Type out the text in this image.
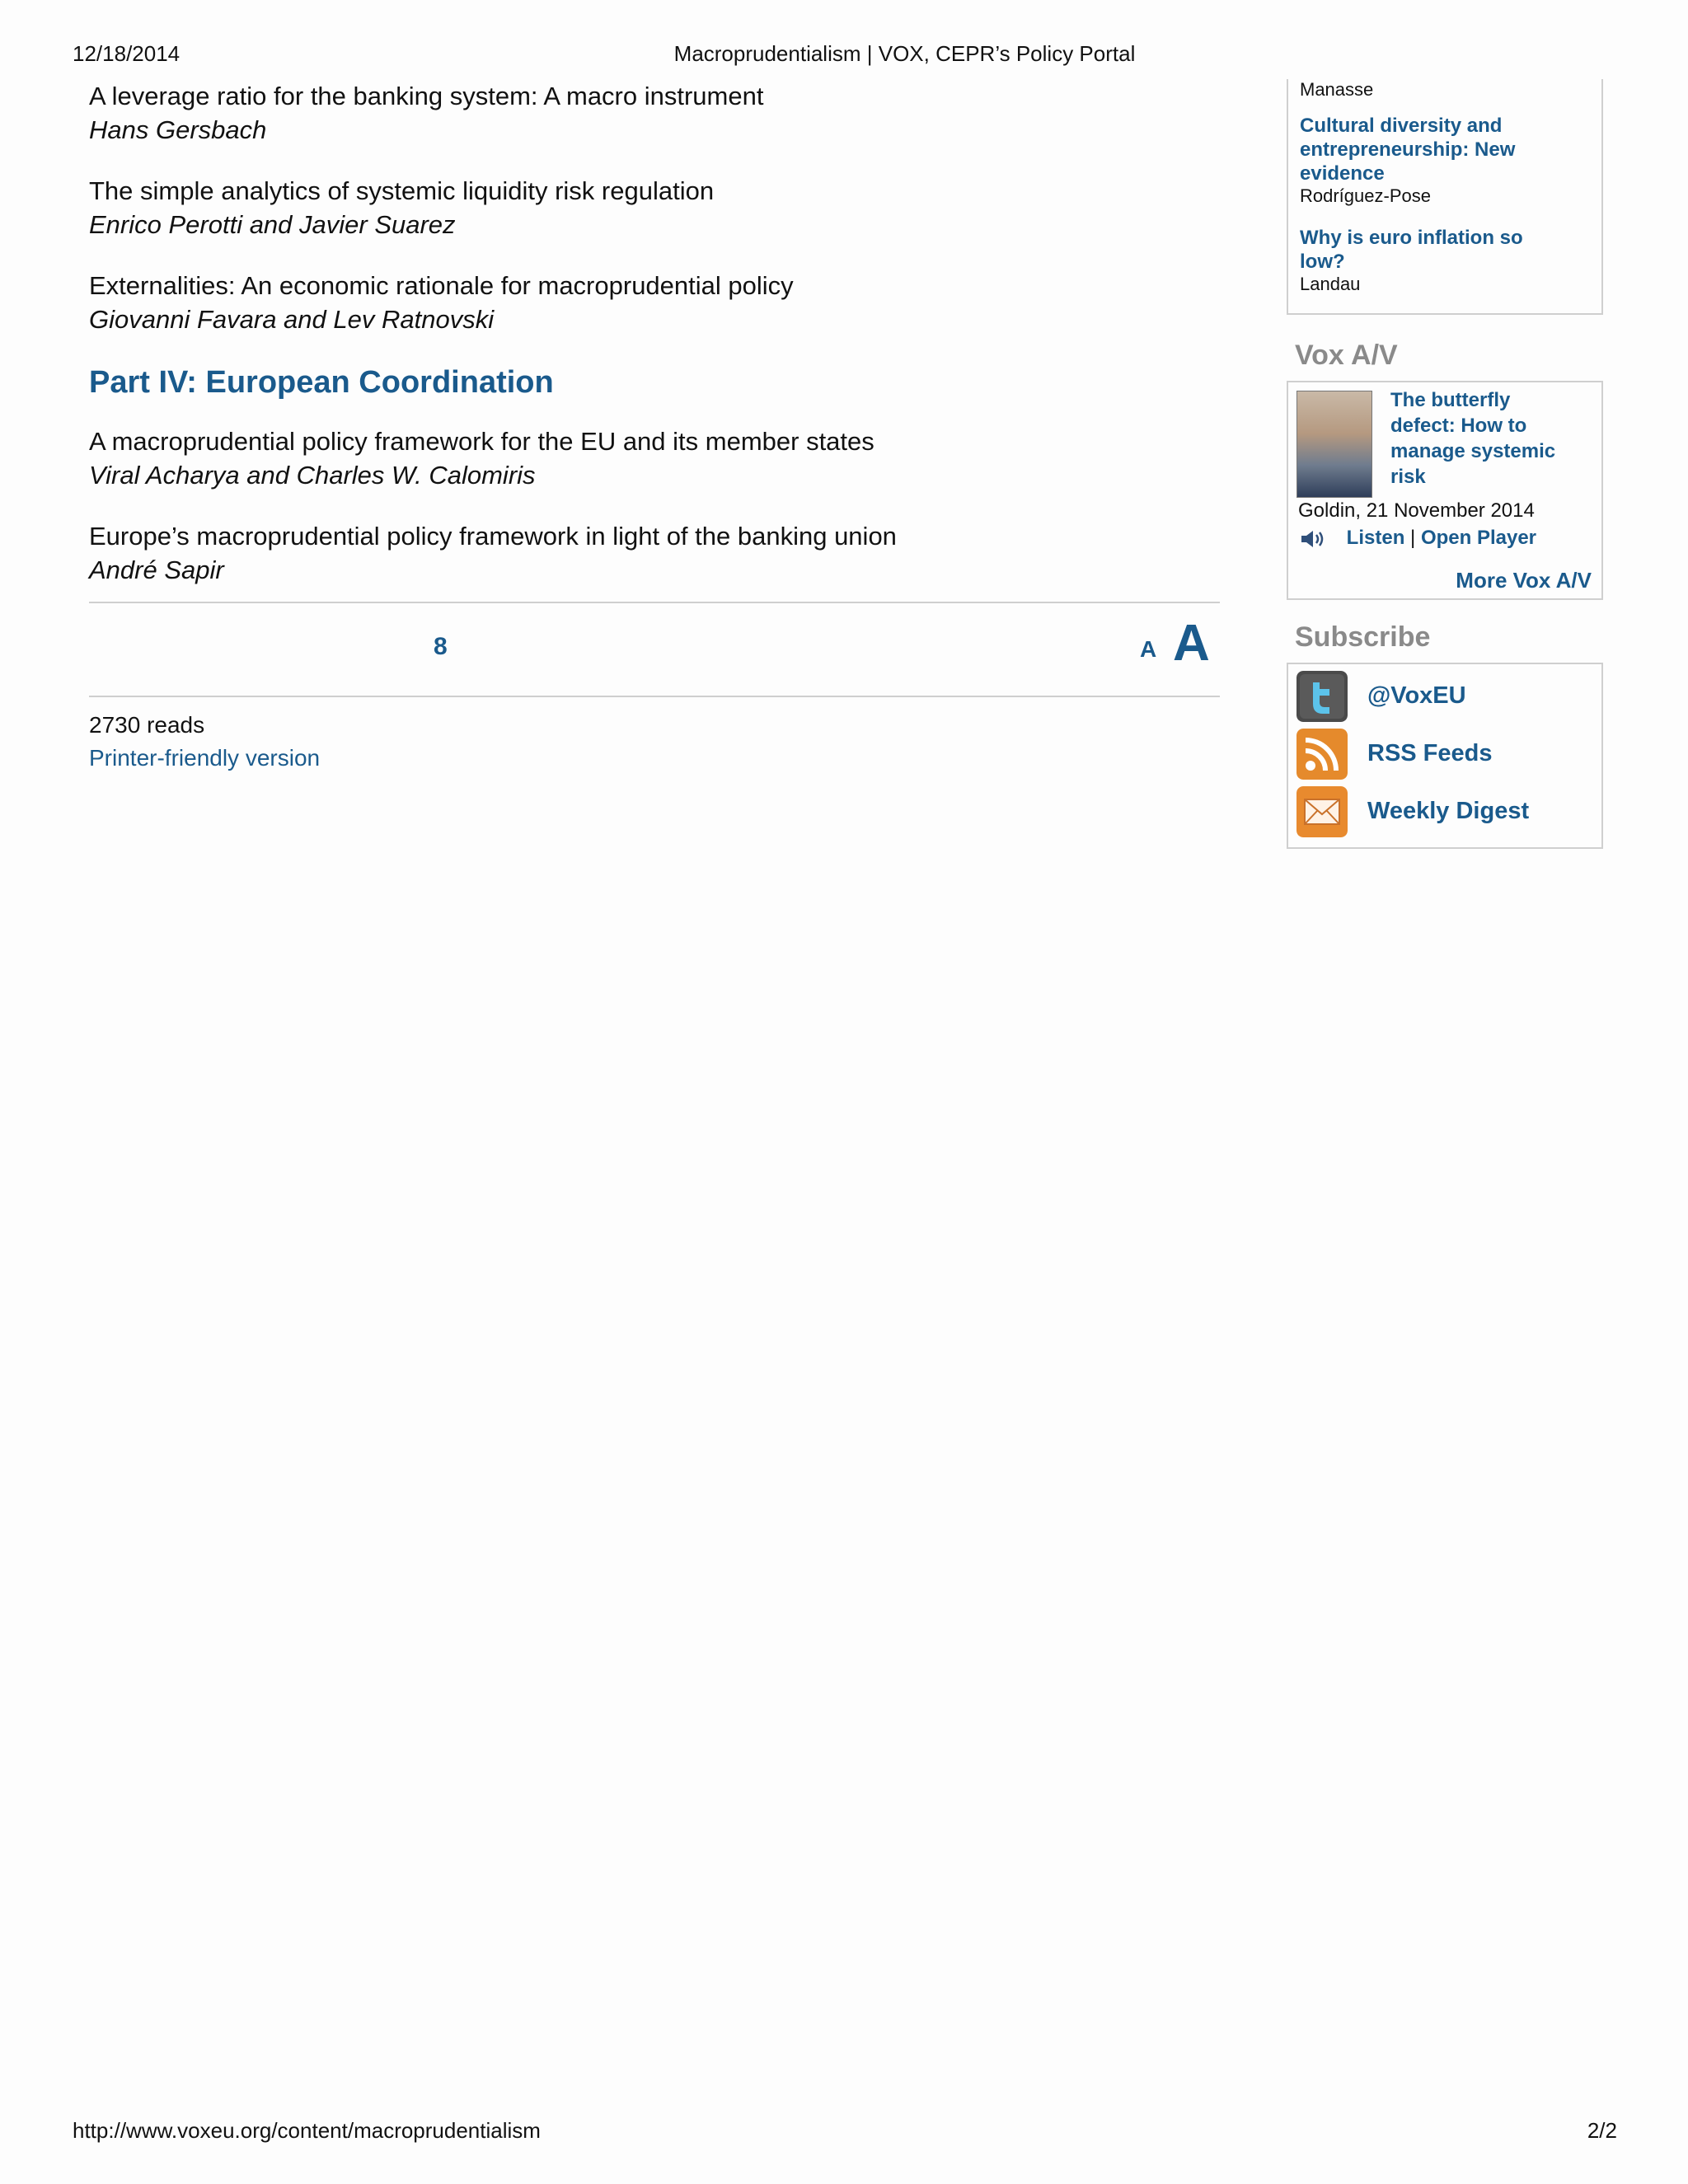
12/18/2014	Macroprudentialism | VOX, CEPR’s Policy Portal
A leverage ratio for the banking system: A macro instrument
Hans Gersbach
The simple analytics of systemic liquidity risk regulation
Enrico Perotti and Javier Suarez
Externalities: An economic rationale for macroprudential policy
Giovanni Favara and Lev Ratnovski
Part IV: European Coordination
A macroprudential policy framework for the EU and its member states
Viral Acharya and Charles W. Calomiris
Europe’s macroprudential policy framework in light of the banking union
André Sapir
8	A A
2730 reads
Printer-friendly version
Manasse
Cultural diversity and entrepreneurship: New evidence
Rodríguez-Pose
Why is euro inflation so low?
Landau
Vox A/V
The butterfly defect: How to manage systemic risk
Goldin, 21 November 2014
Listen | Open Player
More Vox A/V
Subscribe
@VoxEU
RSS Feeds
Weekly Digest
http://www.voxeu.org/content/macroprudentialism	2/2
